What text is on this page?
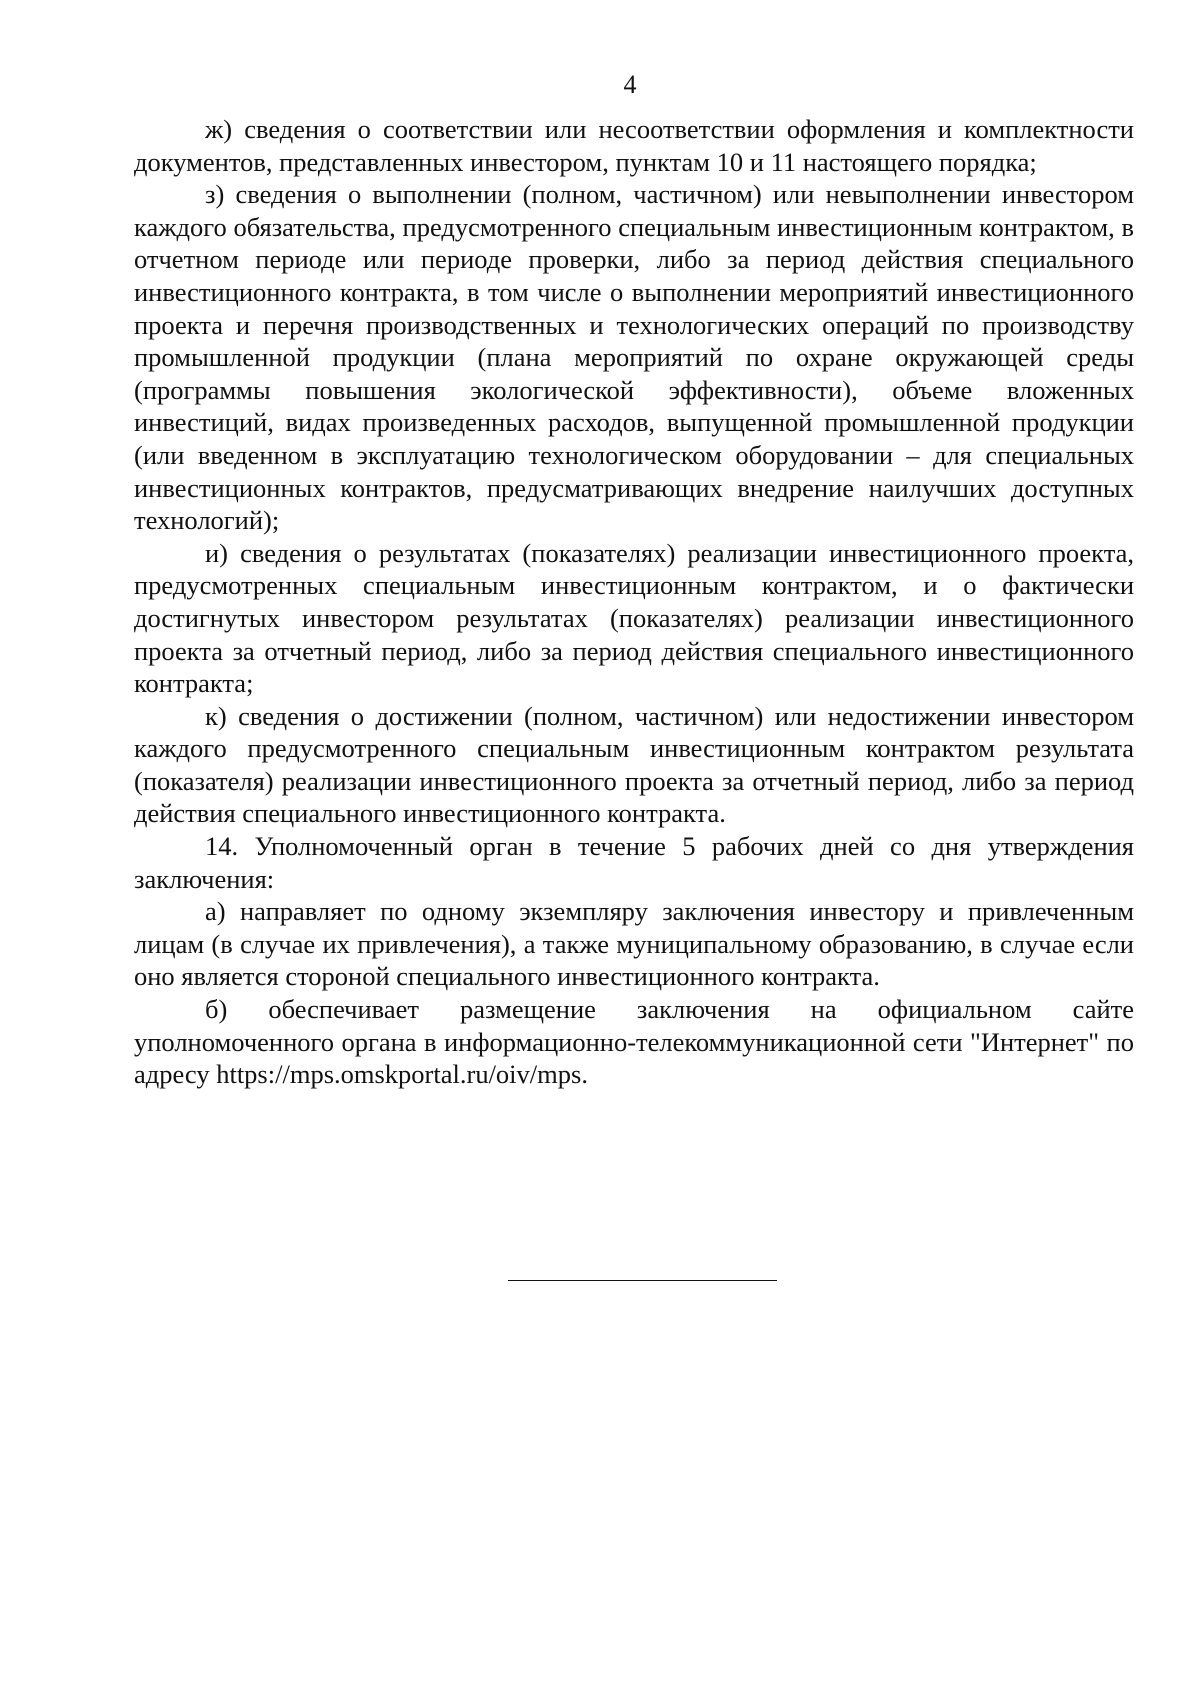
4

ж) сведения о соответствии или несоответствии оформления и комплектности документов, представленных инвестором, пунктам 10 и 11 настоящего порядка;

з) сведения о выполнении (полном, частичном) или невыполнении инвестором каждого обязательства, предусмотренного специальным инвестиционным контрактом, в отчетном периоде или периоде проверки, либо за период действия специального инвестиционного контракта, в том числе о выполнении мероприятий инвестиционного проекта и перечня производственных и технологических операций по производству промышленной продукции (плана мероприятий по охране окружающей среды (программы повышения экологической эффективности), объеме вложенных инвестиций, видах произведенных расходов, выпущенной промышленной продукции (или введенном в эксплуатацию технологическом оборудовании – для специальных инвестиционных контрактов, предусматривающих внедрение наилучших доступных технологий);

и) сведения о результатах (показателях) реализации инвестиционного проекта, предусмотренных специальным инвестиционным контрактом, и о фактически достигнутых инвестором результатах (показателях) реализации инвестиционного проекта за отчетный период, либо за период действия специального инвестиционного контракта;

к) сведения о достижении (полном, частичном) или недостижении инвестором каждого предусмотренного специальным инвестиционным контрактом результата (показателя) реализации инвестиционного проекта за отчетный период, либо за период действия специального инвестиционного контракта.

14. Уполномоченный орган в течение 5 рабочих дней со дня утверждения заключения:

а) направляет по одному экземпляру заключения инвестору и привлеченным лицам (в случае их привлечения), а также муниципальному образованию, в случае если оно является стороной специального инвестиционного контракта.

б) обеспечивает размещение заключения на официальном сайте уполномоченного органа в информационно-телекоммуникационной сети "Интернет" по адресу https://mps.omskportal.ru/oiv/mps.
